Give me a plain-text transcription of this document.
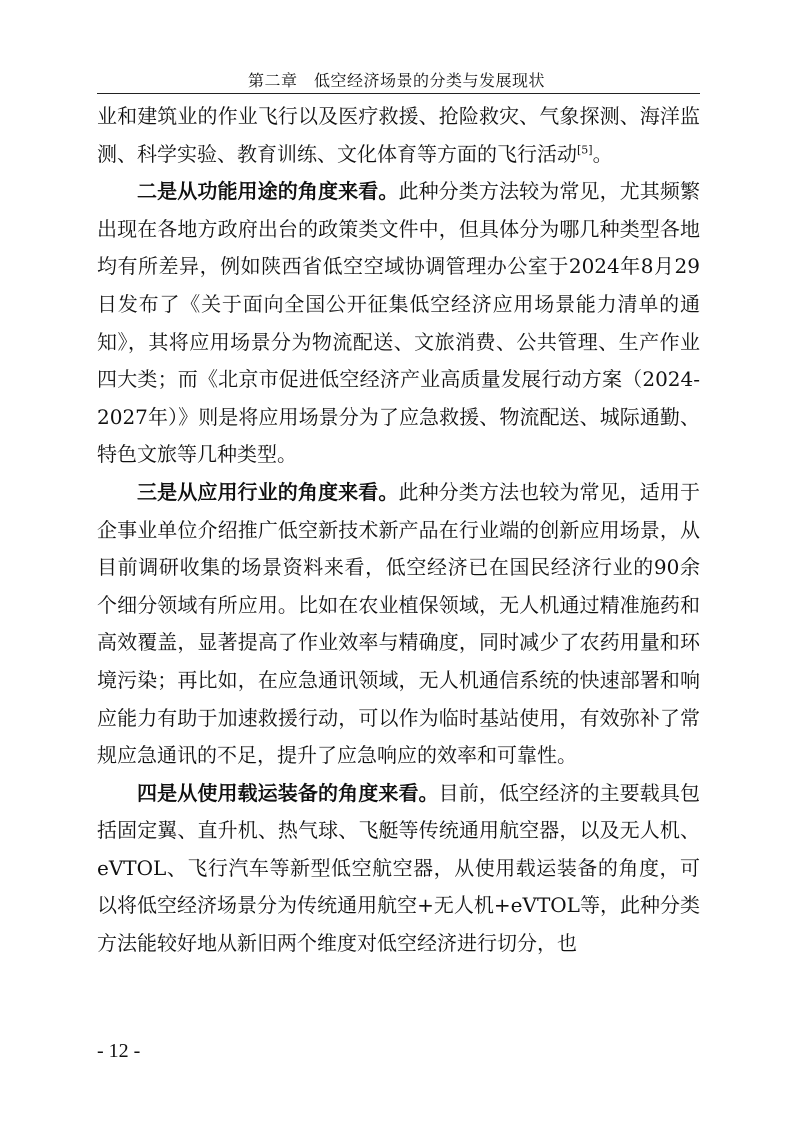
第二章　低空经济场景的分类与发展现状

业和建筑业的作业飞行以及医疗救援、抢险救灾、气象探测、海洋监测、科学实验、教育训练、文化体育等方面的飞行活动[5]。

二是从功能用途的角度来看。此种分类方法较为常见，尤其频繁出现在各地方政府出台的政策类文件中，但具体分为哪几种类型各地均有所差异，例如陕西省低空空域协调管理办公室于2024年8月29日发布了《关于面向全国公开征集低空经济应用场景能力清单的通知》，其将应用场景分为物流配送、文旅消费、公共管理、生产作业四大类；而《北京市促进低空经济产业高质量发展行动方案（2024-2027年）》则是将应用场景分为了应急救援、物流配送、城际通勤、特色文旅等几种类型。

三是从应用行业的角度来看。此种分类方法也较为常见，适用于企事业单位介绍推广低空新技术新产品在行业端的创新应用场景，从目前调研收集的场景资料来看，低空经济已在国民经济行业的90余个细分领域有所应用。比如在农业植保领域，无人机通过精准施药和高效覆盖，显著提高了作业效率与精确度，同时减少了农药用量和环境污染；再比如，在应急通讯领域，无人机通信系统的快速部署和响应能力有助于加速救援行动，可以作为临时基站使用，有效弥补了常规应急通讯的不足，提升了应急响应的效率和可靠性。

四是从使用载运装备的角度来看。目前，低空经济的主要载具包括固定翼、直升机、热气球、飞艇等传统通用航空器，以及无人机、eVTOL、飞行汽车等新型低空航空器，从使用载运装备的角度，可以将低空经济场景分为传统通用航空+无人机+eVTOL等，此种分类方法能较好地从新旧两个维度对低空经济进行切分，也

- 12 -
